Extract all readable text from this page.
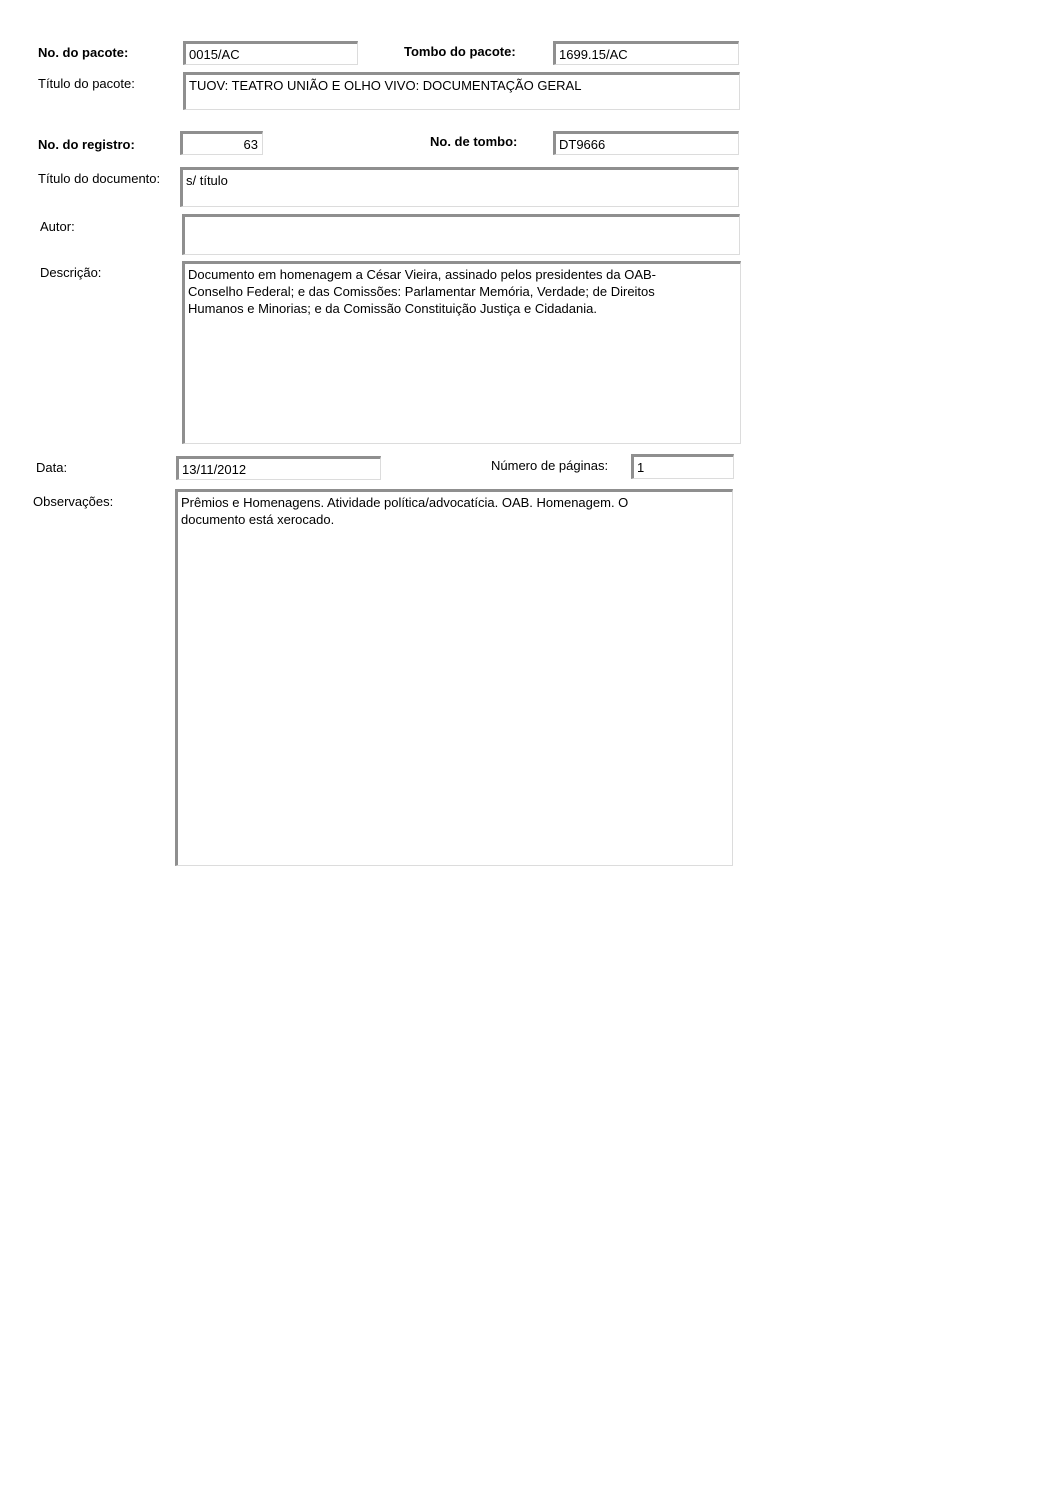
No. do pacote:	0015/AC	Tombo do pacote:	1699.15/AC
Título do pacote:	TUOV: TEATRO UNIÃO E OLHO VIVO: DOCUMENTAÇÃO GERAL
No. do registro:	63	No. de tombo:	DT9666
Título do documento:	s/ título
Autor:
Descrição:	Documento em homenagem a César Vieira, assinado pelos presidentes da OAB-
Conselho Federal; e das Comissões: Parlamentar Memória, Verdade; de Direitos
Humanos e Minorias; e da Comissão Constituição Justiça e Cidadania.
Data:	13/11/2012	Número de páginas:	1
Observações:	Prêmios e Homenagens. Atividade política/advocatícia. OAB. Homenagem. O
documento está xerocado.
